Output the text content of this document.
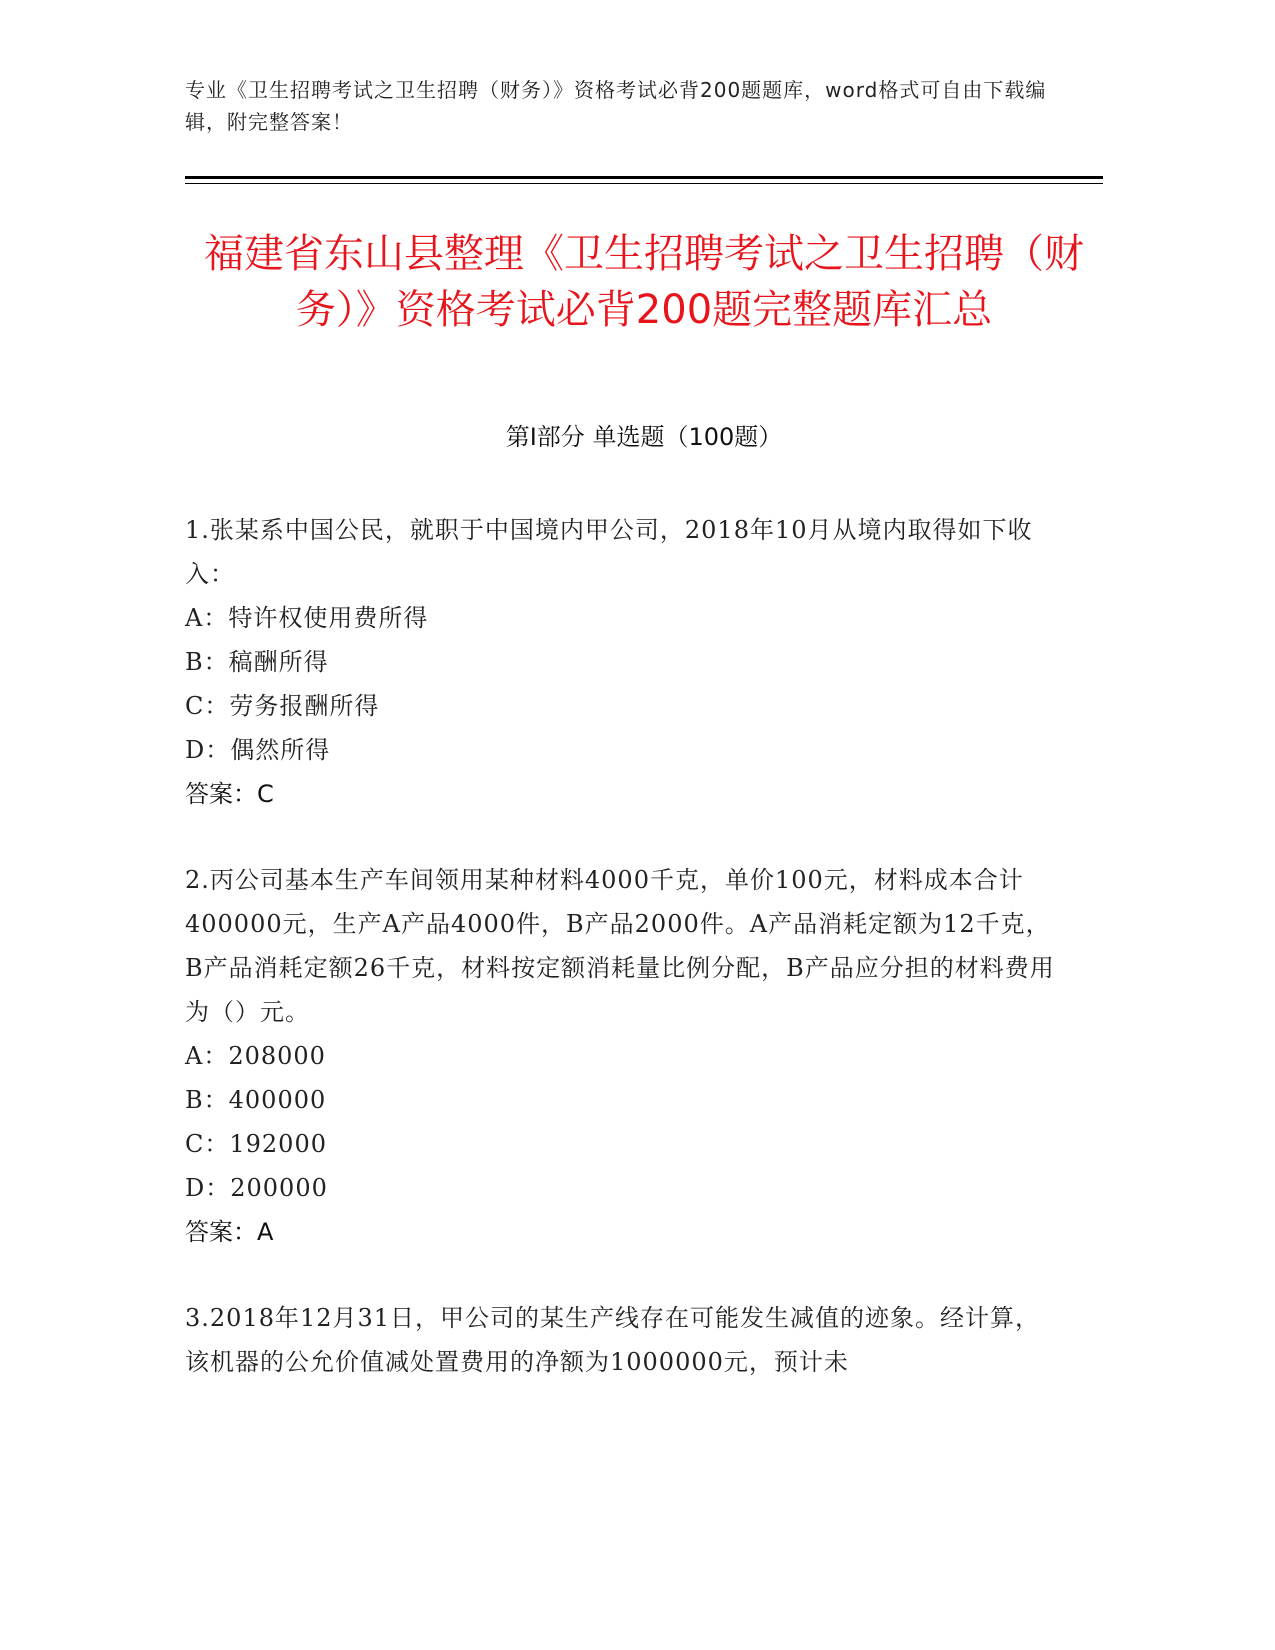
专业《卫生招聘考试之卫生招聘（财务）》资格考试必背200题题库，word格式可自由下载编辑，附完整答案！
福建省东山县整理《卫生招聘考试之卫生招聘（财务）》资格考试必背200题完整题库汇总
第I部分 单选题（100题）

1.张某系中国公民，就职于中国境内甲公司，2018年10月从境内取得如下收入：

A：特许权使用费所得

B：稿酬所得

C：劳务报酬所得

D：偶然所得

答案：C

2.丙公司基本生产车间领用某种材料4000千克，单价100元，材料成本合计400000元，生产A产品4000件，B产品2000件。A产品消耗定额为12千克，B产品消耗定额26千克，材料按定额消耗量比例分配，B产品应分担的材料费用为（）元。

A：208000

B：400000

C：192000

D：200000

答案：A

3.2018年12月31日，甲公司的某生产线存在可能发生减值的迹象。经计算，该机器的公允价值减处置费用的净额为1000000元，预计未
